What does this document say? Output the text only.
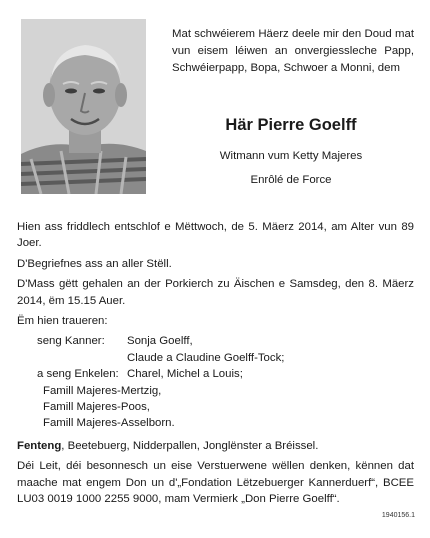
Mat schwéierem Häerz deele mir den Doud mat vun eisem léiwen an onvergiessleche Papp, Schwéierpapp, Bopa, Schwoer a Monni, dem
Här Pierre Goelff
Witmann vum Ketty Majeres
Enrôlé de Force

Hien ass friddlech entschlof e Mëttwoch, de 5. Mäerz 2014, am Alter vun 89 Joer.

D'Begriefnes ass an aller Stëll.

D'Mass gëtt gehalen an der Porkierch zu Äischen e Samsdeg, den 8. Mäerz 2014, ëm 15.15 Auer.

Ëm hien traueren:

seng Kanner:	Sonja Goelff,
Claude a Claudine Goelff-Tock;
a seng Enkelen: Charel, Michel a Louis;
Famill Majeres-Mertzig,
Famill Majeres-Poos,
Famill Majeres-Asselborn.

Fenteng, Beetebuerg, Nidderpallen, Jonglënster a Bréissel.

Déi Leit, déi besonnesch un eise Verstuerwene wëllen denken, kënnen dat maache mat engem Don un d'„Fondation Lëtzebuerger Kannerduerf“, BCEE LU03 0019 1000 2255 9000, mam Vermierk „Don Pierre Goelff“.

1940156.1
